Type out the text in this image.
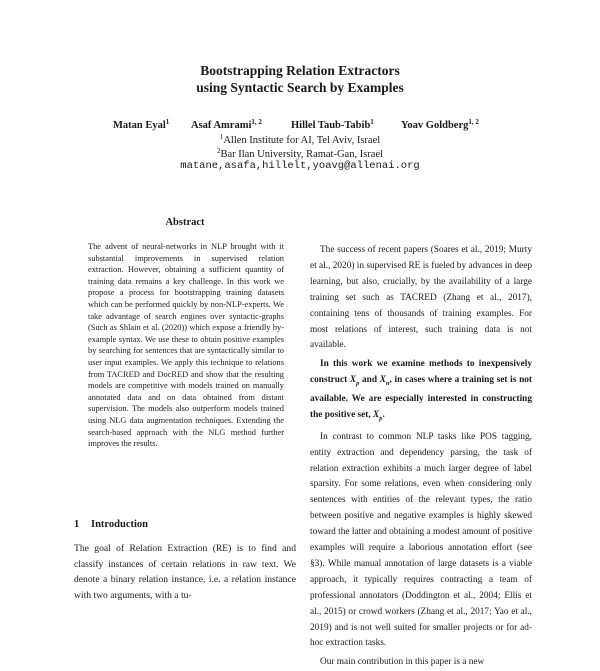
Bootstrapping Relation Extractors
using Syntactic Search by Examples
Matan Eyal$^1$ Asaf Amrami$^{1, 2}$	Hillel Taub-Tabib$^1$	Yoav Goldberg$^{1, 2}$
$^1$Allen Institute for AI, Tel Aviv, Israel
$^2$Bar Ilan University, Ramat-Gan, Israel
matane,asafa,hillelt,yoavg@allenai.org
Abstract
The advent of neural-networks in NLP brought with it substantial improvements in supervised relation extraction. However, obtaining a sufficient quantity of training data remains a key challenge. In this work we propose a process for bootstrapping training datasets which can be performed quickly by non-NLP-experts. We take advantage of search engines over syntactic-graphs (Such as Shlain et al. (2020)) which expose a friendly by-example syntax. We use these to obtain positive examples by searching for sentences that are syntactically similar to user input examples. We apply this technique to relations from TACRED and DocRED and show that the resulting models are competitive with models trained on manually annotated data and on data obtained from distant supervision. The models also outperform models trained using NLG data augmentation techniques. Extending the search-based approach with the NLG method further improves the results.
1 Introduction
The goal of Relation Extraction (RE) is to find and classify instances of certain relations in raw text. We denote a binary relation instance, i.e. a relation instance with two arguments, with a tu-

The success of recent papers (Soares et al., 2019; Murty et al., 2020) in supervised RE is fueled by advances in deep learning, but also, crucially, by the availability of a large training set such as TACRED (Zhang et al., 2017), containing tens of thousands of training examples. For most relations of interest, such training data is not available.

In this work we examine methods to inexpensively construct $X_p$ and $X_n$, in cases where a training set is not available. We are especially interested in constructing the positive set, $X_p$.

In contrast to common NLP tasks like POS tagging, entity extraction and dependency parsing, the task of relation extraction exhibits a much larger degree of label sparsity. For some relations, even when considering only sentences with entities of the relevant types, the ratio between positive and negative examples is highly skewed toward the latter and obtaining a modest amount of positive examples will require a laborious annotation effort (see §3). While manual annotation of large datasets is a viable approach, it typically requires contracting a team of professional annotators (Doddington et al., 2004; Ellis et al., 2015) or crowd workers (Zhang et al., 2017; Yao et al., 2019) and is not well suited for smaller projects or for ad-hoc extraction tasks.

Our main contribution in this paper is a new
